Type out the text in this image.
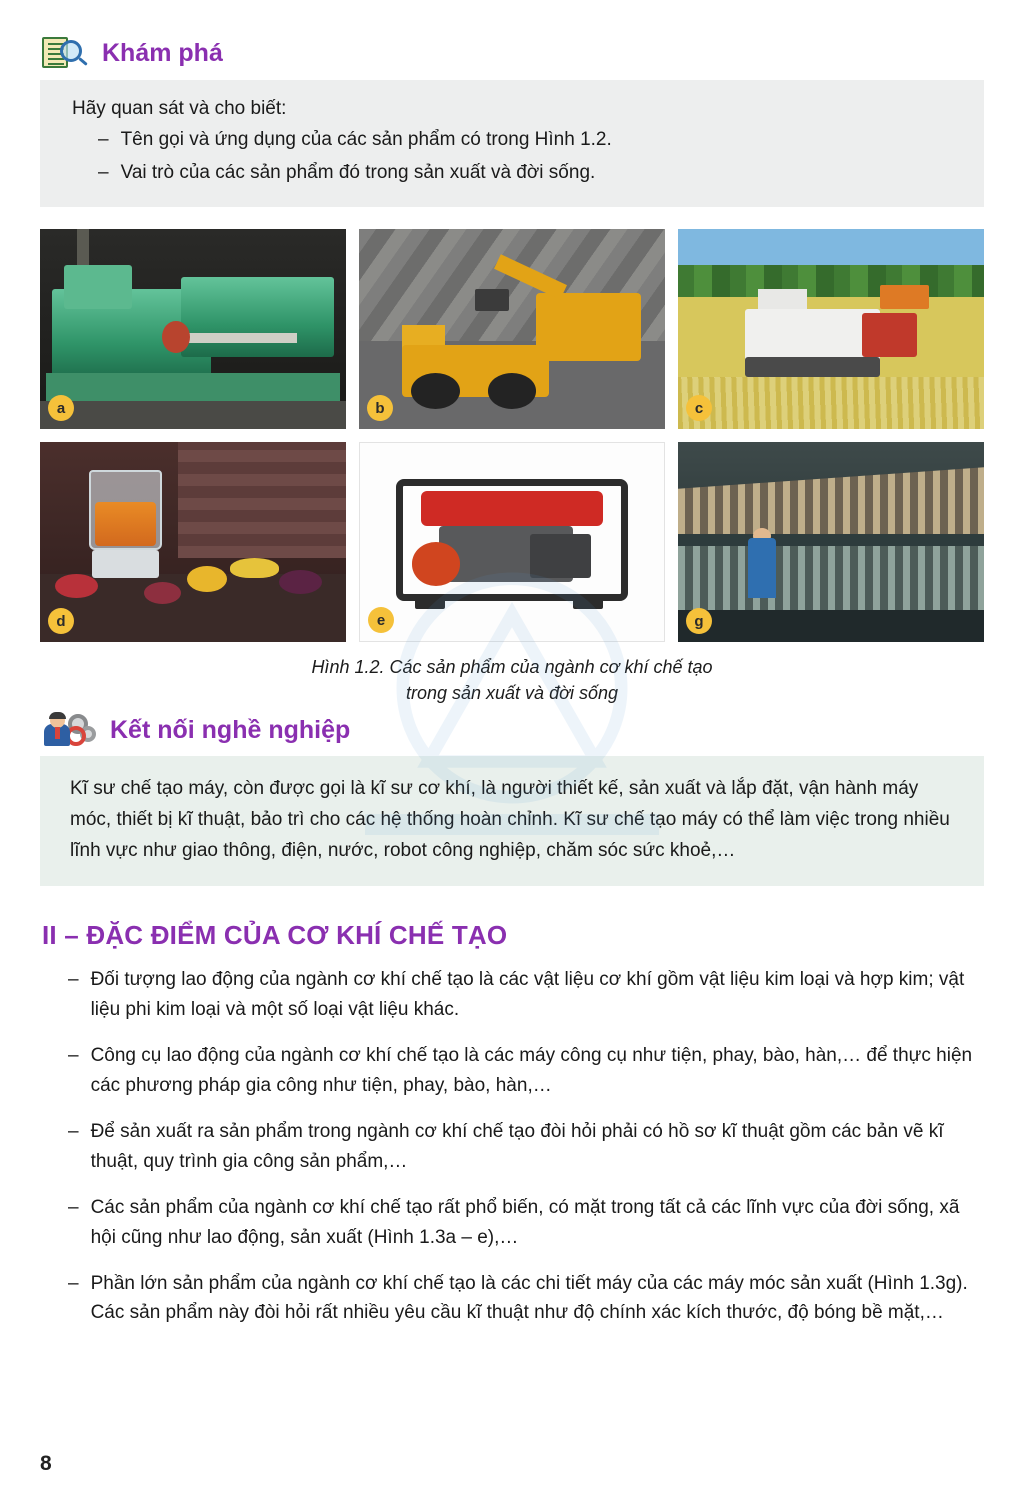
Khám phá
Hãy quan sát và cho biết:
– Tên gọi và ứng dụng của các sản phẩm có trong Hình 1.2.
– Vai trò của các sản phẩm đó trong sản xuất và đời sống.
a	b	c
d	e	g
Hình 1.2. Các sản phẩm của ngành cơ khí chế tạo
trong sản xuất và đời sống
Kết nối nghề nghiệp
Kĩ sư chế tạo máy, còn được gọi là kĩ sư cơ khí, là người thiết kế, sản xuất và lắp đặt, vận hành máy móc, thiết bị kĩ thuật, bảo trì cho các hệ thống hoàn chỉnh. Kĩ sư chế tạo máy có thể làm việc trong nhiều lĩnh vực như giao thông, điện, nước, robot công nghiệp, chăm sóc sức khoẻ,…
II – ĐẶC ĐIỂM CỦA CƠ KHÍ CHẾ TẠO
– Đối tượng lao động của ngành cơ khí chế tạo là các vật liệu cơ khí gồm vật liệu kim loại và hợp kim; vật liệu phi kim loại và một số loại vật liệu khác.
– Công cụ lao động của ngành cơ khí chế tạo là các máy công cụ như tiện, phay, bào, hàn,… để thực hiện các phương pháp gia công như tiện, phay, bào, hàn,…
– Để sản xuất ra sản phẩm trong ngành cơ khí chế tạo đòi hỏi phải có hồ sơ kĩ thuật gồm các bản vẽ kĩ thuật, quy trình gia công sản phẩm,…
– Các sản phẩm của ngành cơ khí chế tạo rất phổ biến, có mặt trong tất cả các lĩnh vực của đời sống, xã hội cũng như lao động, sản xuất (Hình 1.3a – e),…
– Phần lớn sản phẩm của ngành cơ khí chế tạo là các chi tiết máy của các máy móc sản xuất (Hình 1.3g). Các sản phẩm này đòi hỏi rất nhiều yêu cầu kĩ thuật như độ chính xác kích thước, độ bóng bề mặt,…
8
